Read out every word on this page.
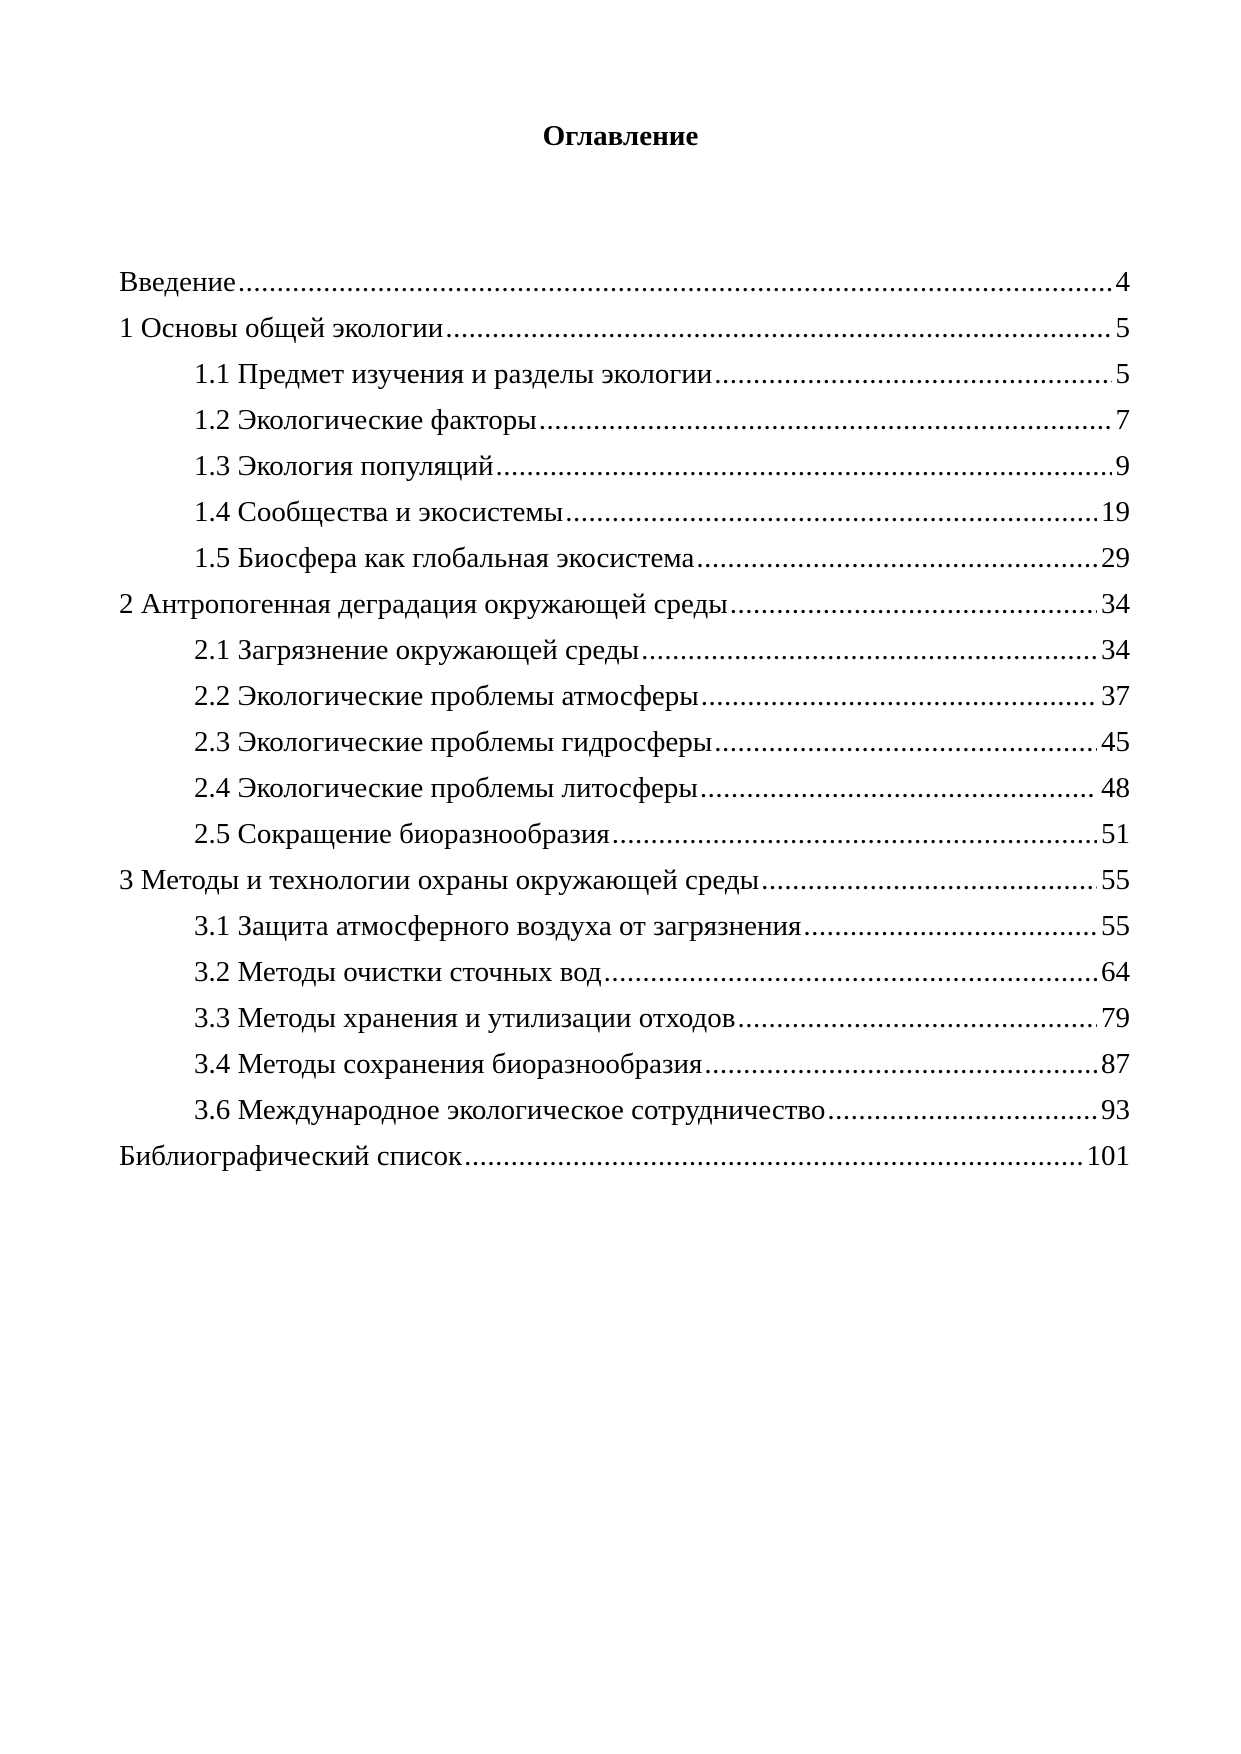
Оглавление
Введение .....	4
1 Основы общей экологии .....	5
1.1 Предмет изучения и разделы экологии .....	5
1.2 Экологические факторы .....	7
1.3 Экология популяций .....	9
1.4 Сообщества и экосистемы .....	19
1.5 Биосфера как глобальная экосистема .....	29
2 Антропогенная деградация окружающей среды .....	34
2.1 Загрязнение окружающей среды .....	34
2.2 Экологические проблемы атмосферы .....	37
2.3 Экологические проблемы гидросферы .....	45
2.4 Экологические проблемы литосферы .....	48
2.5 Сокращение биоразнообразия .....	51
3 Методы и технологии охраны окружающей среды .....	55
3.1 Защита атмосферного воздуха от загрязнения .....	55
3.2 Методы очистки сточных вод .....	64
3.3 Методы хранения и утилизации отходов .....	79
3.4 Методы сохранения биоразнообразия .....	87
3.6 Международное экологическое сотрудничество .....	93
Библиографический список .....	101
